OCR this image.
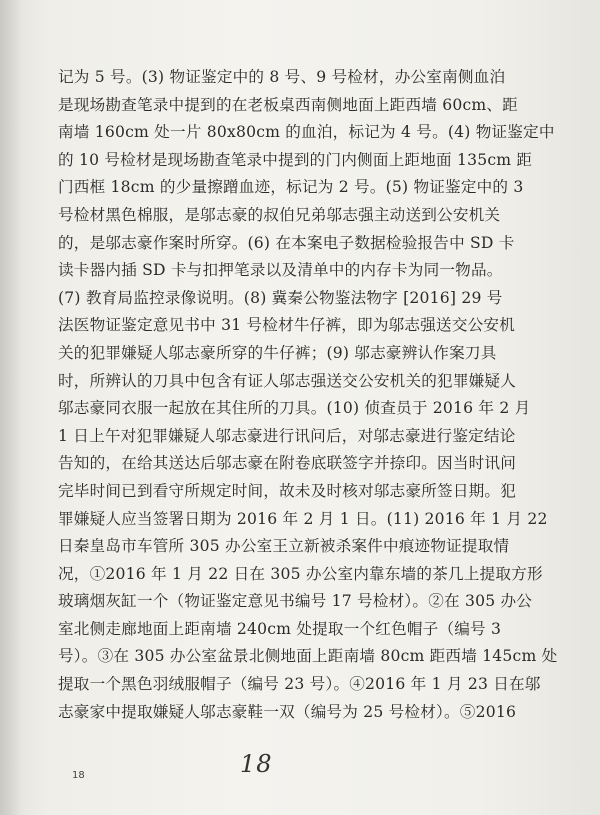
记为 5 号。(3) 物证鉴定中的 8 号、9 号检材，办公室南侧血泊
是现场勘查笔录中提到的在老板桌西南侧地面上距西墙 60cm、距
南墙 160cm 处一片 80x80cm 的血泊，标记为 4 号。(4) 物证鉴定中
的 10 号检材是现场勘查笔录中提到的门内侧面上距地面 135cm 距
门西框 18cm 的少量擦蹭血迹，标记为 2 号。(5) 物证鉴定中的 3
号检材黑色棉服，是邬志豪的叔伯兄弟邬志强主动送到公安机关
的，是邬志豪作案时所穿。(6) 在本案电子数据检验报告中 SD 卡
读卡器内插 SD 卡与扣押笔录以及清单中的内存卡为同一物品。
(7) 教育局监控录像说明。(8) 冀秦公物鉴法物字 [2016] 29 号
法医物证鉴定意见书中 31 号检材牛仔裤，即为邬志强送交公安机
关的犯罪嫌疑人邬志豪所穿的牛仔裤；(9) 邬志豪辨认作案刀具
时，所辨认的刀具中包含有证人邬志强送交公安机关的犯罪嫌疑人
邬志豪同衣服一起放在其住所的刀具。(10) 侦查员于 2016 年 2 月
1 日上午对犯罪嫌疑人邬志豪进行讯问后，对邬志豪进行鉴定结论
告知的，在给其送达后邬志豪在附卷底联签字并捺印。因当时讯问
完毕时间已到看守所规定时间，故未及时核对邬志豪所签日期。犯
罪嫌疑人应当签署日期为 2016 年 2 月 1 日。(11) 2016 年 1 月 22
日秦皇岛市车管所 305 办公室王立新被杀案件中痕迹物证提取情
况，①2016 年 1 月 22 日在 305 办公室内靠东墙的茶几上提取方形
玻璃烟灰缸一个（物证鉴定意见书编号 17 号检材）。②在 305 办公
室北侧走廊地面上距南墙 240cm 处提取一个红色帽子（编号 3
号）。③在 305 办公室盆景北侧地面上距南墙 80cm 距西墙 145cm 处
提取一个黑色羽绒服帽子（编号 23 号）。④2016 年 1 月 23 日在邬
志豪家中提取嫌疑人邬志豪鞋一双（编号为 25 号检材）。⑤2016
18	18
